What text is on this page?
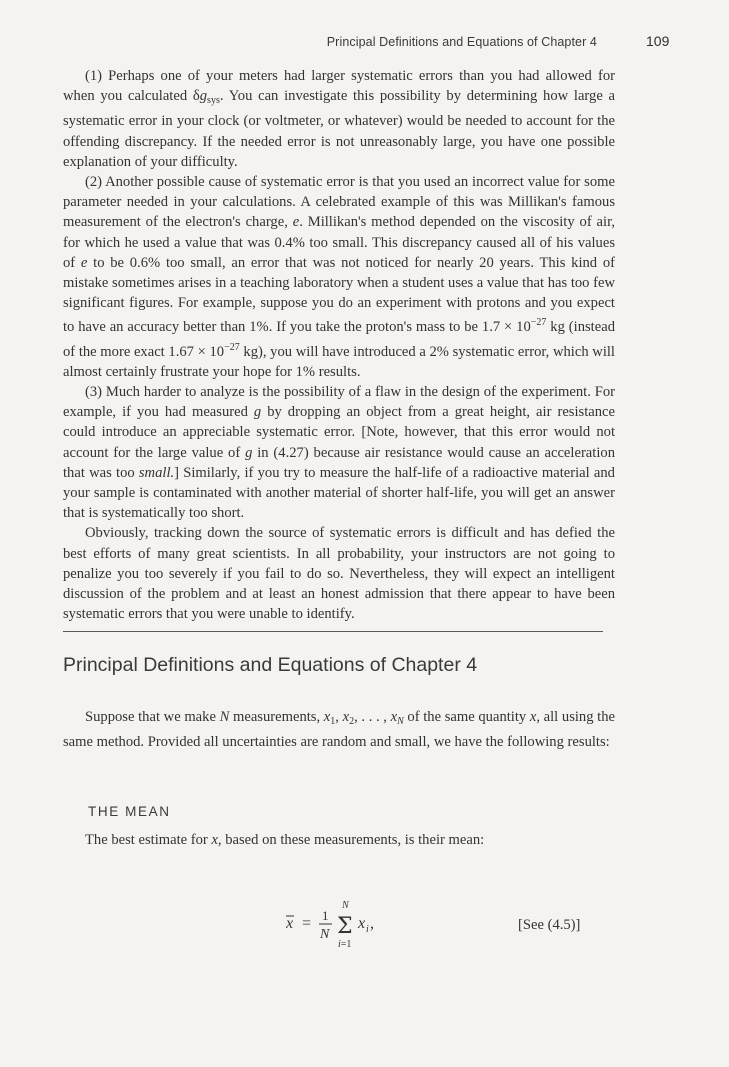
Principal Definitions and Equations of Chapter 4	109

(1) Perhaps one of your meters had larger systematic errors than you had allowed for when you calculated $\delta g_{sys}$. You can investigate this possibility by determining how large a systematic error in your clock (or voltmeter, or whatever) would be needed to account for the offending discrepancy. If the needed error is not unreasonably large, you have one possible explanation of your difficulty.

(2) Another possible cause of systematic error is that you used an incorrect value for some parameter needed in your calculations. A celebrated example of this was Millikan's famous measurement of the electron's charge, e. Millikan's method depended on the viscosity of air, for which he used a value that was 0.4% too small. This discrepancy caused all of his values of e to be 0.6% too small, an error that was not noticed for nearly 20 years. This kind of mistake sometimes arises in a teaching laboratory when a student uses a value that has too few significant figures. For example, suppose you do an experiment with protons and you expect to have an accuracy better than 1%. If you take the proton's mass to be $1.7 \times 10^{-27}$ kg (instead of the more exact $1.67 \times 10^{-27}$ kg), you will have introduced a 2% systematic error, which will almost certainly frustrate your hope for 1% results.

(3) Much harder to analyze is the possibility of a flaw in the design of the experiment. For example, if you had measured g by dropping an object from a great height, air resistance could introduce an appreciable systematic error. [Note, however, that this error would not account for the large value of g in (4.27) because air resistance would cause an acceleration that was too small.] Similarly, if you try to measure the half-life of a radioactive material and your sample is contaminated with another material of shorter half-life, you will get an answer that is systematically too short.

Obviously, tracking down the source of systematic errors is difficult and has defied the best efforts of many great scientists. In all probability, your instructors are not going to penalize you too severely if you fail to do so. Nevertheless, they will expect an intelligent discussion of the problem and at least an honest admission that there appear to have been systematic errors that you were unable to identify.

Principal Definitions and Equations of Chapter 4

Suppose that we make N measurements, $x_1$, $x_2$, . . . , $x_N$ of the same quantity x, all using the same method. Provided all uncertainties are random and small, we have the following results:

THE MEAN

The best estimate for x, based on these measurements, is their mean:

x = 1
N
N
Σ
i=1
x i ,	[See (4.5)]
